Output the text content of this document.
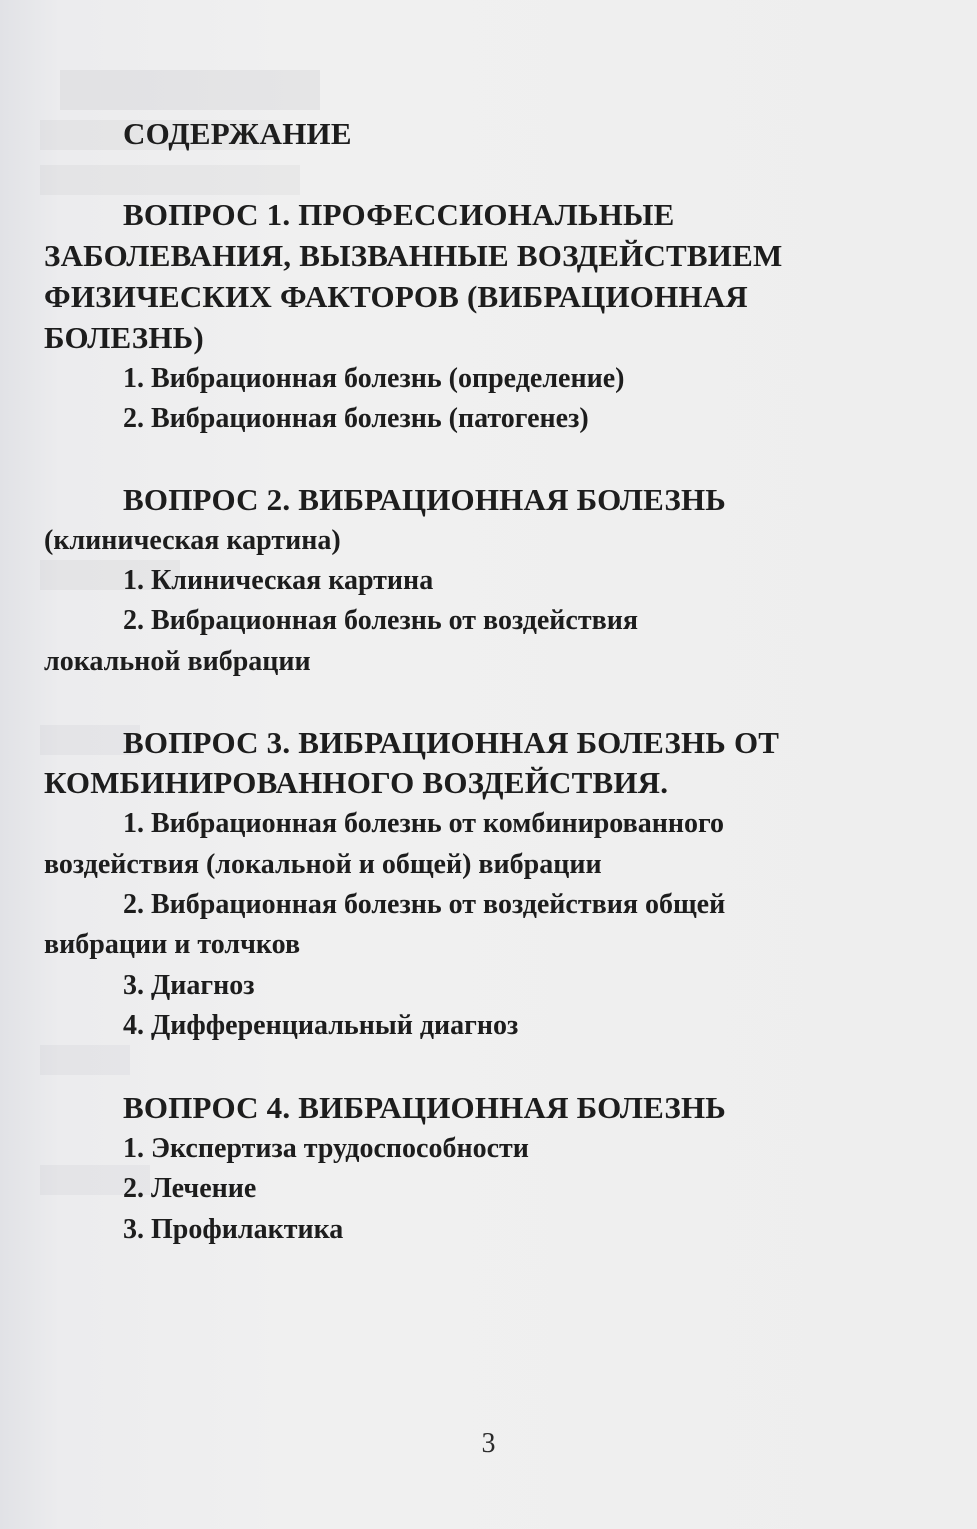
СОДЕРЖАНИЕ
ВОПРОС 1. ПРОФЕССИОНАЛЬНЫЕ
ЗАБОЛЕВАНИЯ, ВЫЗВАННЫЕ ВОЗДЕЙСТВИЕМ
ФИЗИЧЕСКИХ ФАКТОРОВ (ВИБРАЦИОННАЯ
БОЛЕЗНЬ)
1. Вибрационная болезнь (определение)
2. Вибрационная болезнь (патогенез)
ВОПРОС 2. ВИБРАЦИОННАЯ БОЛЕЗНЬ
(клиническая картина)
1. Клиническая картина
2. Вибрационная болезнь от воздействия
локальной вибрации
ВОПРОС 3. ВИБРАЦИОННАЯ БОЛЕЗНЬ ОТ
КОМБИНИРОВАННОГО ВОЗДЕЙСТВИЯ.
1. Вибрационная болезнь от комбинированного
воздействия (локальной и общей) вибрации
2. Вибрационная болезнь от воздействия общей
вибрации и толчков
3. Диагноз
4. Дифференциальный диагноз
ВОПРОС 4. ВИБРАЦИОННАЯ БОЛЕЗНЬ
1. Экспертиза трудоспособности
2. Лечение
3. Профилактика
3
